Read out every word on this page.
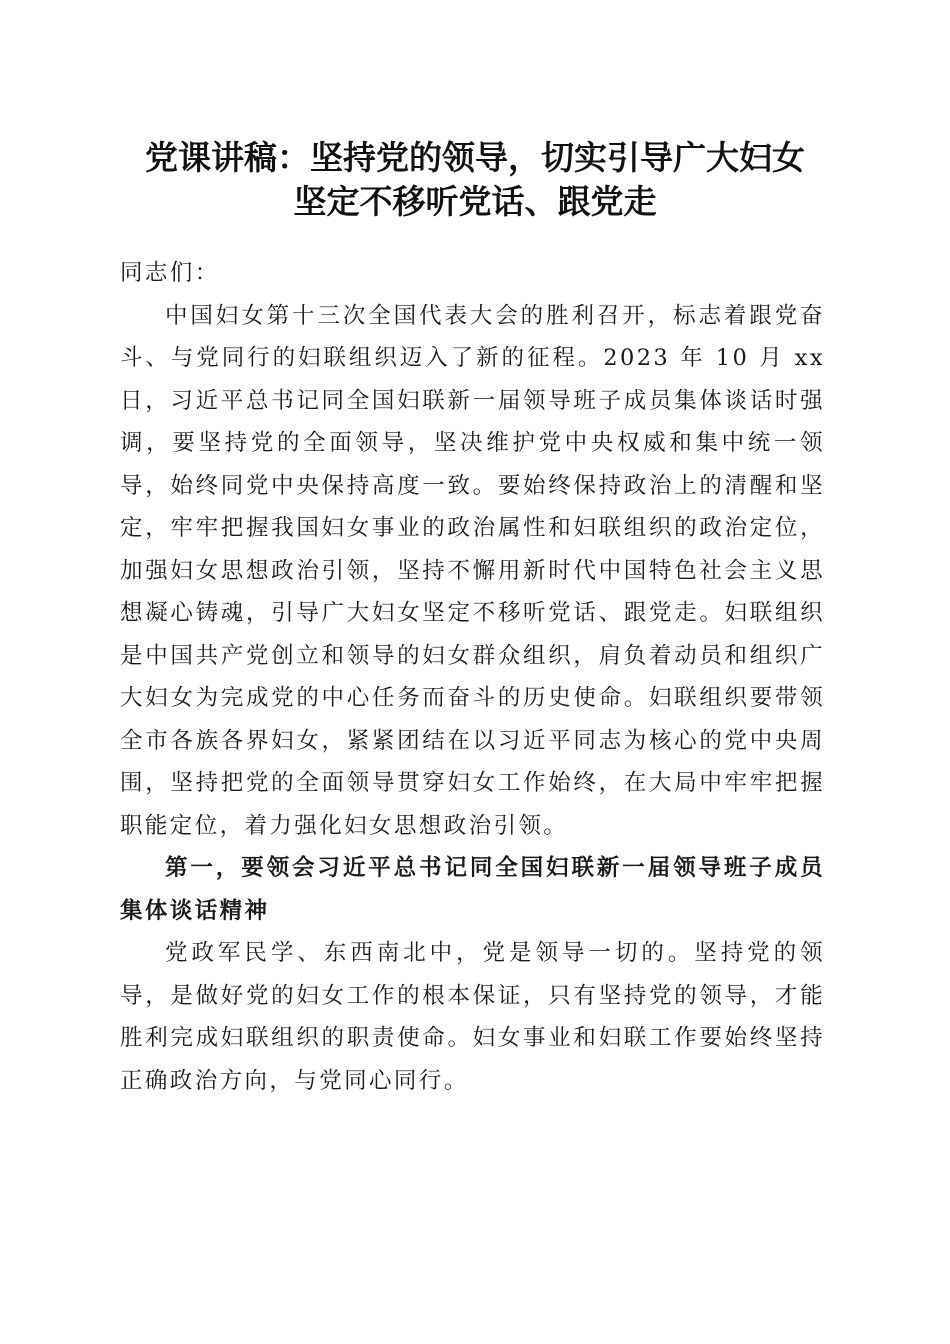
党课讲稿：坚持党的领导，切实引导广大妇女
坚定不移听党话、跟党走

同志们：

中国妇女第十三次全国代表大会的胜利召开，标志着跟党奋斗、与党同行的妇联组织迈入了新的征程。2023 年 10 月 xx 日，习近平总书记同全国妇联新一届领导班子成员集体谈话时强调，要坚持党的全面领导，坚决维护党中央权威和集中统一领导，始终同党中央保持高度一致。要始终保持政治上的清醒和坚定，牢牢把握我国妇女事业的政治属性和妇联组织的政治定位，加强妇女思想政治引领，坚持不懈用新时代中国特色社会主义思想凝心铸魂，引导广大妇女坚定不移听党话、跟党走。妇联组织是中国共产党创立和领导的妇女群众组织，肩负着动员和组织广大妇女为完成党的中心任务而奋斗的历史使命。妇联组织要带领全市各族各界妇女，紧紧团结在以习近平同志为核心的党中央周围，坚持把党的全面领导贯穿妇女工作始终，在大局中牢牢把握职能定位，着力强化妇女思想政治引领。

第一，要领会习近平总书记同全国妇联新一届领导班子成员集体谈话精神

党政军民学、东西南北中，党是领导一切的。坚持党的领导，是做好党的妇女工作的根本保证，只有坚持党的领导，才能胜利完成妇联组织的职责使命。妇女事业和妇联工作要始终坚持正确政治方向，与党同心同行。
